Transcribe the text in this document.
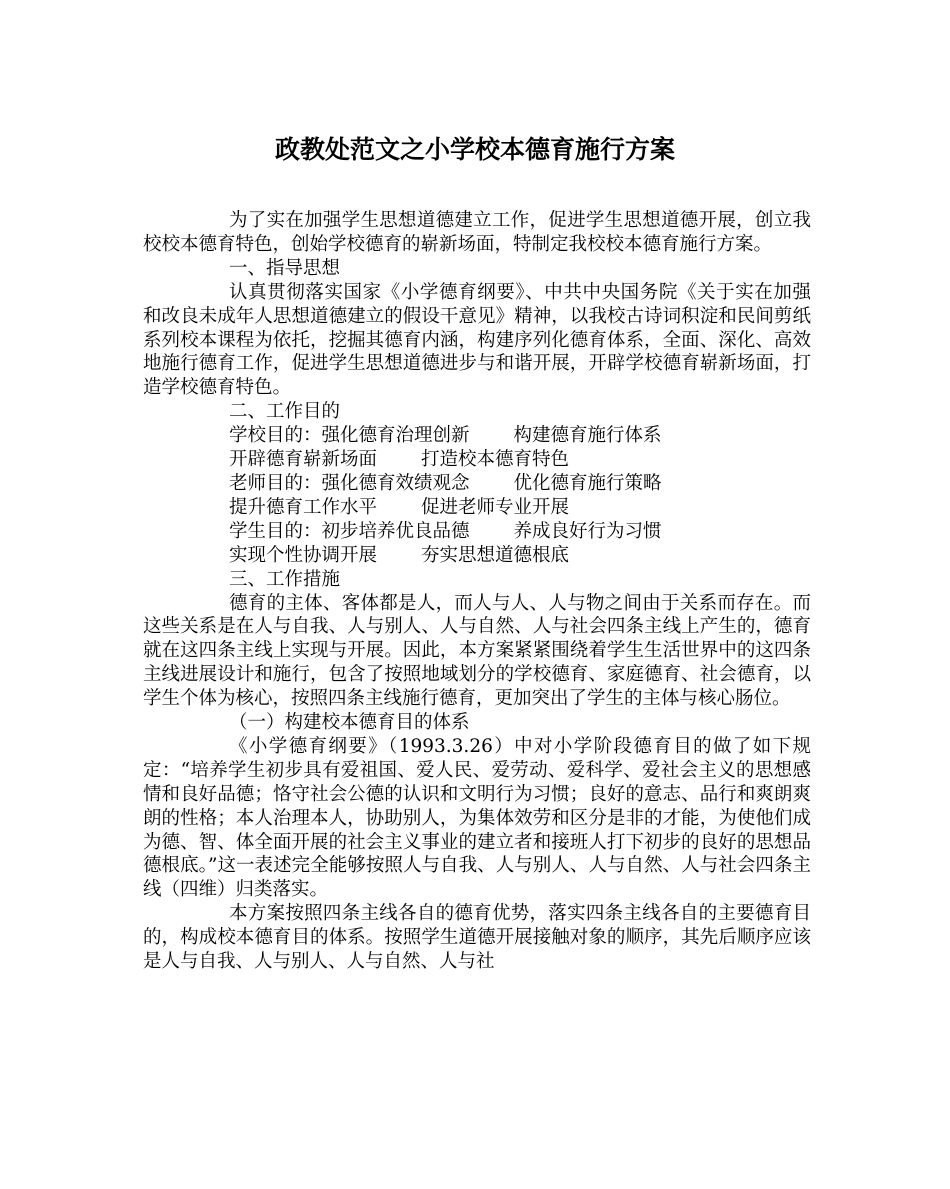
政教处范文之小学校本德育施行方案

为了实在加强学生思想道德建立工作，促进学生思想道德开展，创立我校校本德育特色，创始学校德育的崭新场面，特制定我校校本德育施行方案。

一、指导思想

认真贯彻落实国家《小学德育纲要》、中共中央国务院《关于实在加强和改良未成年人思想道德建立的假设干意见》精神，以我校古诗词积淀和民间剪纸系列校本课程为依托，挖掘其德育内涵，构建序列化德育体系，全面、深化、高效地施行德育工作，促进学生思想道德进步与和谐开展，开辟学校德育崭新场面，打造学校德育特色。

二、工作目的

学校目的：强化德育治理创新 构建德育施行体系
开辟德育崭新场面 打造校本德育特色
老师目的：强化德育效绩观念 优化德育施行策略
提升德育工作水平 促进老师专业开展
学生目的：初步培养优良品德 养成良好行为习惯
实现个性协调开展 夯实思想道德根底

三、工作措施

德育的主体、客体都是人，而人与人、人与物之间由于关系而存在。而这些关系是在人与自我、人与别人、人与自然、人与社会四条主线上产生的，德育就在这四条主线上实现与开展。因此，本方案紧紧围绕着学生生活世界中的这四条主线进展设计和施行，包含了按照地域划分的学校德育、家庭德育、社会德育，以学生个体为核心，按照四条主线施行德育，更加突出了学生的主体与核心肠位。

（一）构建校本德育目的体系

《小学德育纲要》（1993.3.26）中对小学阶段德育目的做了如下规定：“培养学生初步具有爱祖国、爱人民、爱劳动、爱科学、爱社会主义的思想感情和良好品德；恪守社会公德的认识和文明行为习惯；良好的意志、品行和爽朗爽朗的性格；本人治理本人，协助别人，为集体效劳和区分是非的才能，为使他们成为德、智、体全面开展的社会主义事业的建立者和接班人打下初步的良好的思想品德根底。”这一表述完全能够按照人与自我、人与别人、人与自然、人与社会四条主线（四维）归类落实。

本方案按照四条主线各自的德育优势，落实四条主线各自的主要德育目的，构成校本德育目的体系。按照学生道德开展接触对象的顺序，其先后顺序应该是人与自我、人与别人、人与自然、人与社
